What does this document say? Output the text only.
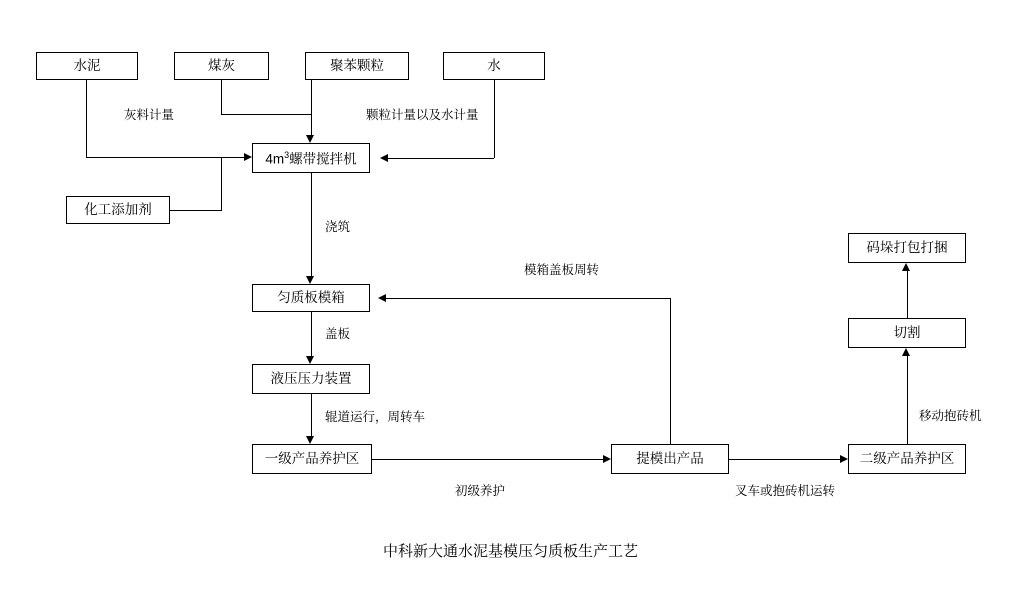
水泥	煤灰	聚苯颗粒	水
化工添加剂
$4m^3$螺带搅拌机
匀质板模箱
液压压力装置
一级产品养护区	提模出产品	二级产品养护区
切割
码垛打包打捆
灰料计量	颗粒计量以及水计量
浇筑
盖板
辊道运行，周转车
初级养护
模箱盖板周转
叉车或抱砖机运转
移动抱砖机
中科新大通水泥基模压匀质板生产工艺
